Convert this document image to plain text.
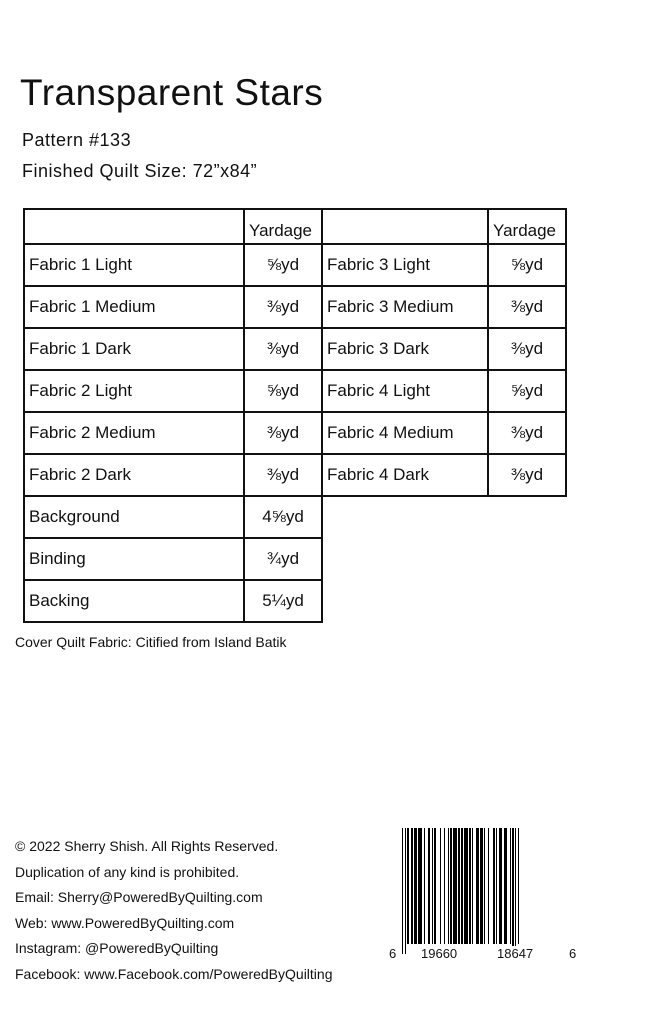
Transparent Stars
Pattern #133
Finished Quilt Size: 72”x84”
	Yardage		Yardage
Fabric 1 Light	⅝yd	Fabric 3 Light	⅝yd
Fabric 1 Medium	⅜yd	Fabric 3 Medium	⅜yd
Fabric 1 Dark	⅜yd	Fabric 3 Dark	⅜yd
Fabric 2 Light	⅝yd	Fabric 4 Light	⅝yd
Fabric 2 Medium	⅜yd	Fabric 4 Medium	⅜yd
Fabric 2 Dark	⅜yd	Fabric 4 Dark	⅜yd
Background	4⅝yd		
Binding	¾yd		
Backing	5¼yd		
Cover Quilt Fabric: Citified from Island Batik
© 2022 Sherry Shish. All Rights Reserved.
Duplication of any kind is prohibited.
Email: Sherry@PoweredByQuilting.com
Web: www.PoweredByQuilting.com
Instagram: @PoweredByQuilting
Facebook: www.Facebook.com/PoweredByQuilting
6 19660	18647	6
